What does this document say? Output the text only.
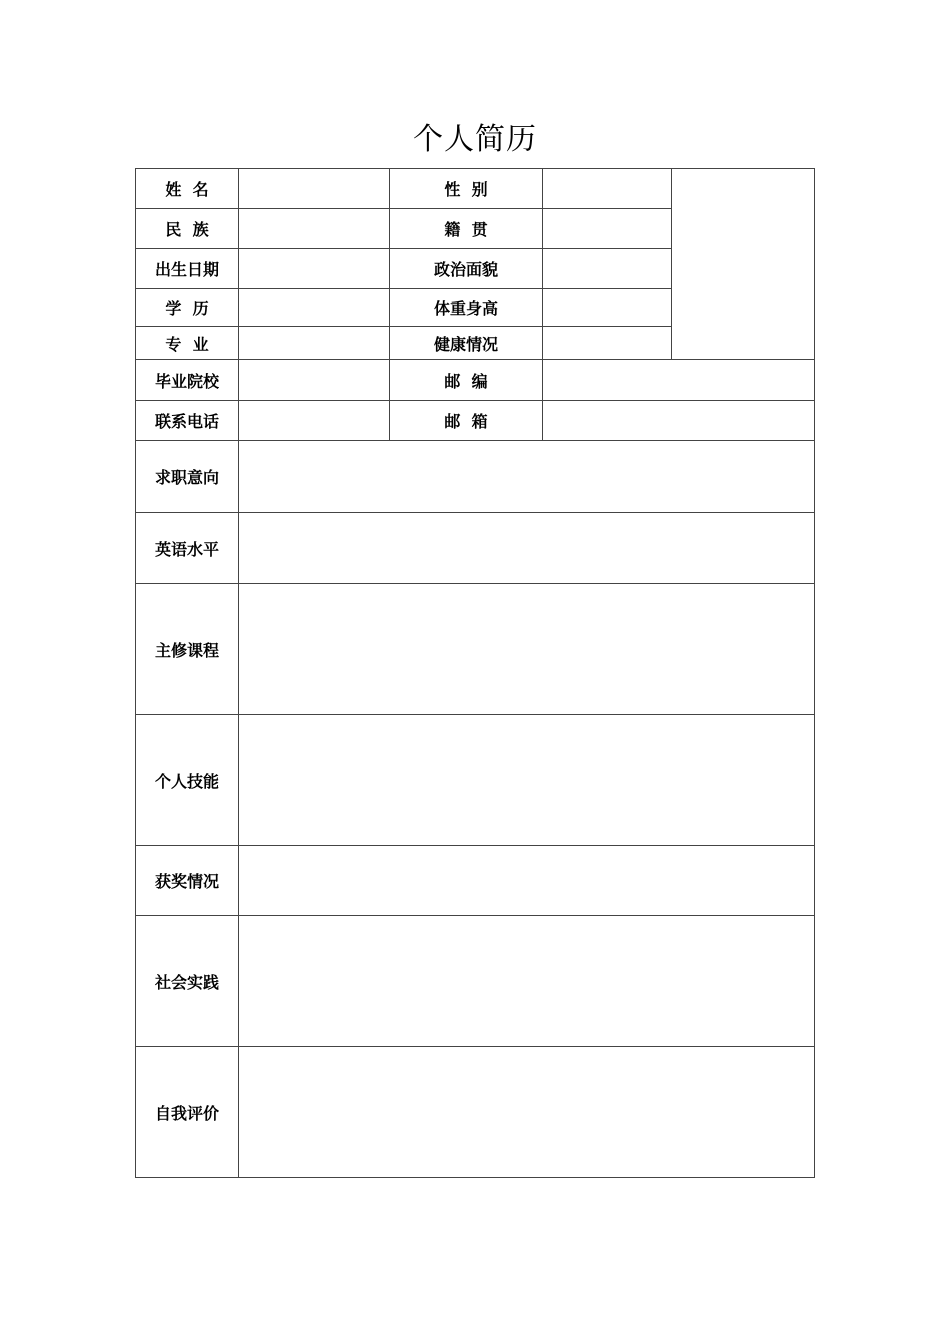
个人简历
姓  名		性  别		
民  族		籍  贯		
出生日期		政治面貌		
学  历		体重身高		
专  业		健康情况		
毕业院校		邮  编		
联系电话		邮  箱		
求职意向				
英语水平				
主修课程				
个人技能				
获奖情况				
社会实践				
自我评价				
